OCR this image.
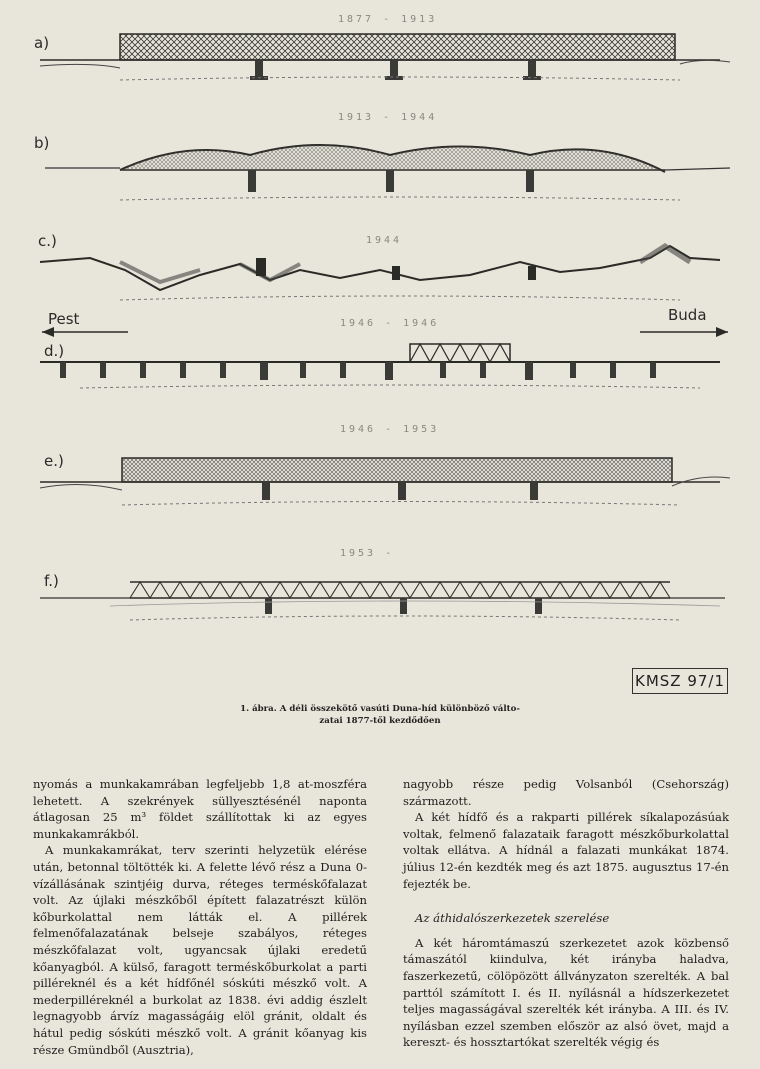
a)
1877 - 1913
b)
1913 - 1944
c.)	1944
d.)
1946 - 1946
e.)
1946 - 1953
f.)
1953 -
Pest	Buda
KMSZ 97/1
1. ábra. A déli összekötő vasúti Duna-híd különböző válto-
zatai 1877-től kezdődően

nyomás a munkakamrában legfeljebb 1,8 at-moszféra lehetett. A szekrények süllyesztésénél naponta átlagosan 25 m³ földet szállítottak ki az egyes munkakamrákból.

A munkakamrákat, terv szerinti helyzetük elérése után, betonnal töltötték ki. A felette lévő rész a Duna 0-vízállásának szintjéig durva, réteges terméskőfalazat volt. Az újlaki mészkőből épített falazatrészt külön kőburkolattal nem látták el. A pillérek felmenőfalazatának belseje szabályos, réteges mészkőfalazat volt, ugyancsak újlaki eredetű kőanyagból. A külső, faragott terméskőburkolat a parti pilléreknél és a két hídfőnél sóskúti mészkő volt. A mederpilléreknél a burkolat az 1838. évi addig észlelt legnagyobb árvíz magasságáig elöl gránit, oldalt és hátul pedig sóskúti mészkő volt. A gránit kőanyag kis része Gmündből (Ausztria),

nagyobb része pedig Volsanból (Csehország) származott.

A két hídfő és a rakparti pillérek síkalapozásúak voltak, felmenő falazataik faragott mészkőburkolattal voltak ellátva. A hídnál a falazati munkákat 1874. július 12-én kezdték meg és azt 1875. augusztus 17-én fejezték be.

Az áthidalószerkezetek szerelése

A két háromtámaszú szerkezetet azok közbenső támaszától kiindulva, két irányba haladva, faszerkezetű, cölöpözött állványzaton szerelték. A bal parttól számított I. és II. nyílásnál a hídszerkezetet teljes magasságával szerelték két irányba. A III. és IV. nyílásban ezzel szemben először az alsó övet, majd a kereszt- és hossztartókat szerelték végig és
